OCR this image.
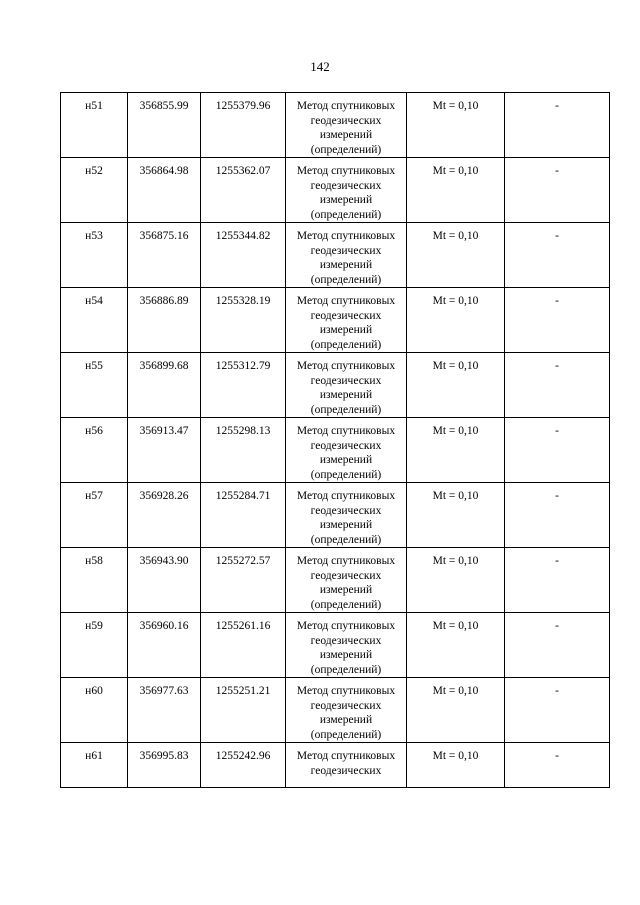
142
н51	356855.99	1255379.96	Метод спутниковых геодезических измерений (определений)	Mt = 0,10	-

н52	356864.98	1255362.07	Метод спутниковых геодезических измерений (определений)	Mt = 0,10	-

н53	356875.16	1255344.82	Метод спутниковых геодезических измерений (определений)	Mt = 0,10	-

н54	356886.89	1255328.19	Метод спутниковых геодезических измерений (определений)	Mt = 0,10	-

н55	356899.68	1255312.79	Метод спутниковых геодезических измерений (определений)	Mt = 0,10	-

н56	356913.47	1255298.13	Метод спутниковых геодезических измерений (определений)	Mt = 0,10	-

н57	356928.26	1255284.71	Метод спутниковых геодезических измерений (определений)	Mt = 0,10	-

н58	356943.90	1255272.57	Метод спутниковых геодезических измерений (определений)	Mt = 0,10	-

н59	356960.16	1255261.16	Метод спутниковых геодезических измерений (определений)	Mt = 0,10	-

н60	356977.63	1255251.21	Метод спутниковых геодезических измерений (определений)	Mt = 0,10	-

н61	356995.83	1255242.96	Метод спутниковых геодезических	Mt = 0,10	-
